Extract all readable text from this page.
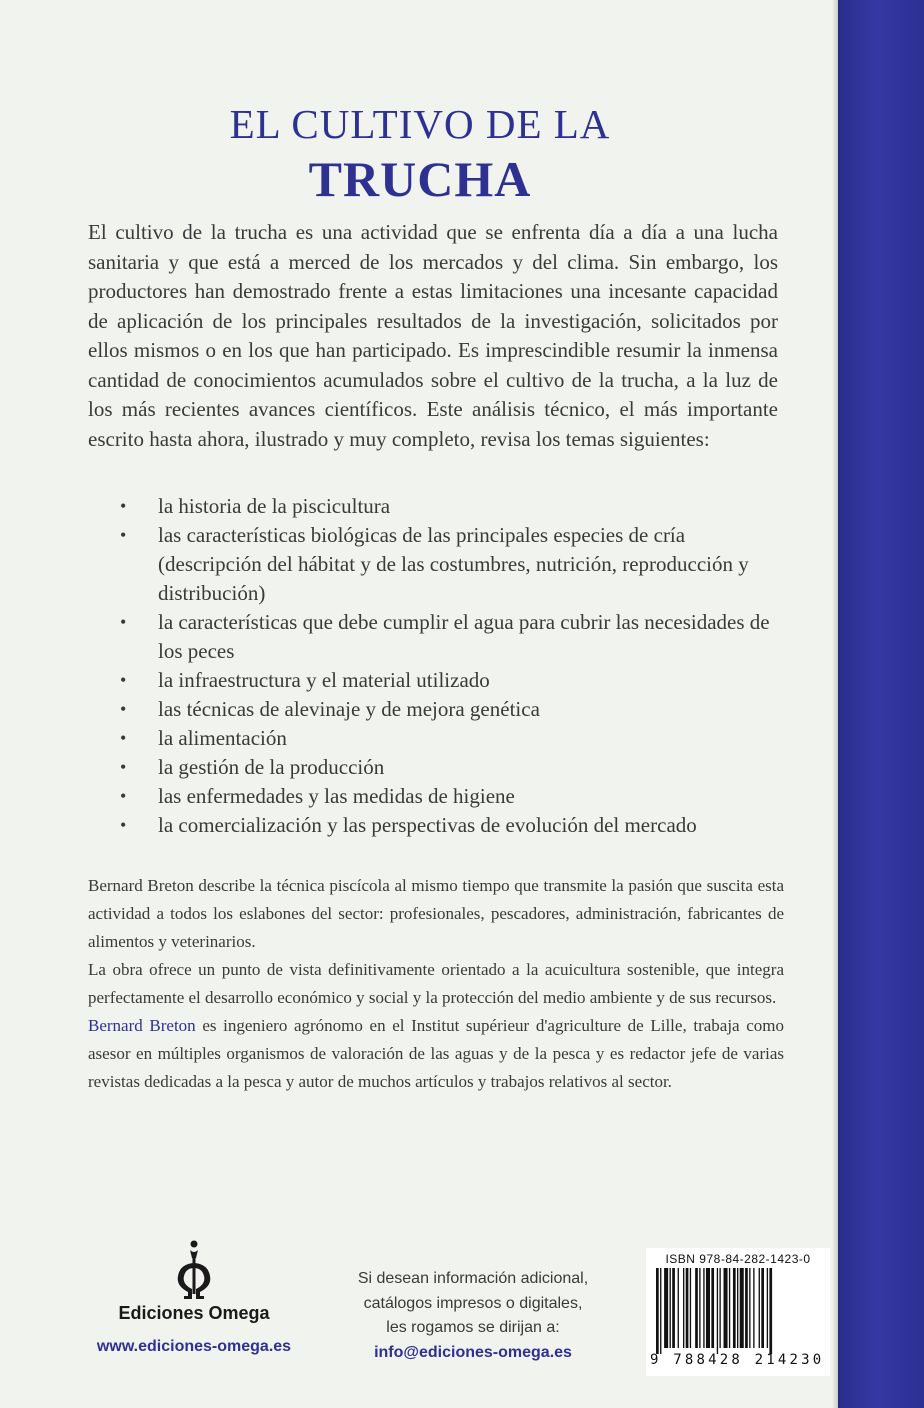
EL CULTIVO DE LA
TRUCHA

El cultivo de la trucha es una actividad que se enfrenta día a día a una lucha sanitaria y que está a merced de los mercados y del clima. Sin embargo, los productores han demostrado frente a estas limitaciones una incesante capacidad de aplicación de los principales resultados de la investigación, solicitados por ellos mismos o en los que han participado. Es imprescindible resumir la inmensa cantidad de conocimientos acumulados sobre el cultivo de la trucha, a la luz de los más recientes avances científicos. Este análisis técnico, el más importante escrito hasta ahora, ilustrado y muy completo, revisa los temas siguientes:

• la historia de la piscicultura
• las características biológicas de las principales especies de cría (descripción del hábitat y de las costumbres, nutrición, reproducción y distribución)
• la características que debe cumplir el agua para cubrir las necesidades de los peces
• la infraestructura y el material utilizado
• las técnicas de alevinaje y de mejora genética
• la alimentación
• la gestión de la producción
• las enfermedades y las medidas de higiene
• la comercialización y las perspectivas de evolución del mercado

Bernard Breton describe la técnica piscícola al mismo tiempo que transmite la pasión que suscita esta actividad a todos los eslabones del sector: profesionales, pescadores, administración, fabricantes de alimentos y veterinarios.

La obra ofrece un punto de vista definitivamente orientado a la acuicultura sostenible, que integra perfectamente el desarrollo económico y social y la protección del medio ambiente y de sus recursos.

Bernard Breton es ingeniero agrónomo en el Institut supérieur d'agriculture de Lille, trabaja como asesor en múltiples organismos de valoración de las aguas y de la pesca y es redactor jefe de varias revistas dedicadas a la pesca y autor de muchos artículos y trabajos relativos al sector.

Ediciones Omega
www.ediciones-omega.es
Si desean información adicional,
catálogos impresos o digitales,
les rogamos se dirijan a:
info@ediciones-omega.es
ISBN 978-84-282-1423-0
9 788428 214230
